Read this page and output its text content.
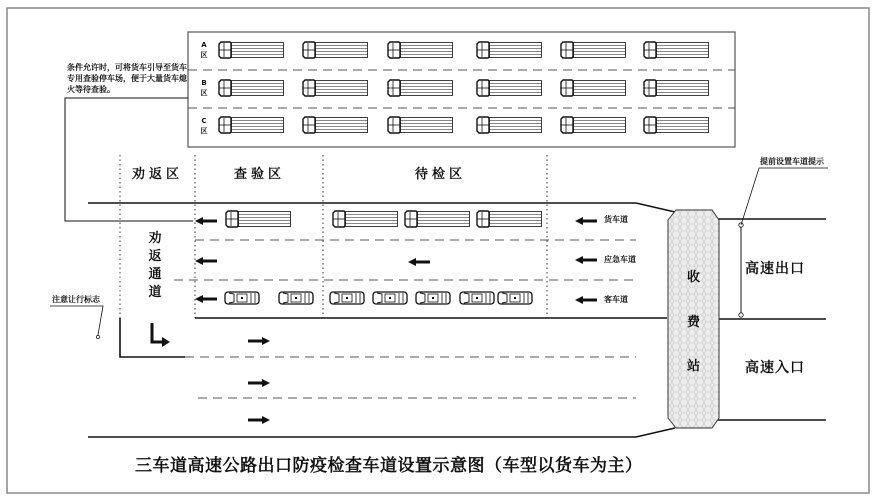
条件允许时，可将货车引导至货车专用查验停车场，便于大量货车熄火等待查验。
A
区
B
区
C
区
劝返区	查验区	待检区
劝返通道
货车道
应急车道
客车道
收
费
站
高速出口
高速入口
提前设置车道提示
注意让行标志
三车道高速公路出口防疫检查车道设置示意图（车型以货车为主）
